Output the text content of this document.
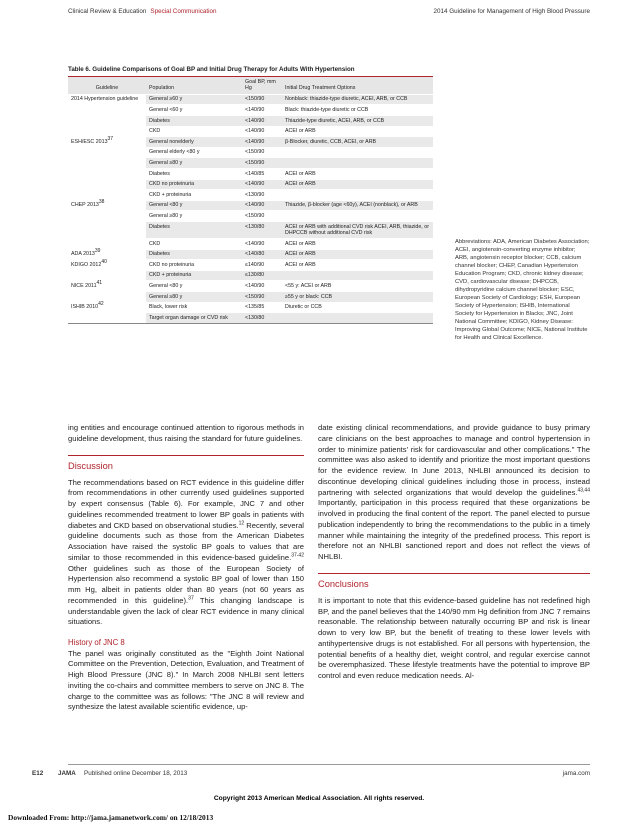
Clinical Review & Education Special Communication	2014 Guideline for Management of High Blood Pressure
Table 6. Guideline Comparisons of Goal BP and Initial Drug Therapy for Adults With Hypertension
Guideline	Population	Goal BP, mm Hg	Initial Drug Treatment Options
2014 Hypertension guideline	General ≥60 y	<150/90	Nonblack: thiazide-type diuretic, ACEI, ARB, or CCB
	General <60 y	<140/90	Black: thiazide-type diuretic or CCB
	Diabetes	<140/90	Thiazide-type diuretic, ACEI, ARB, or CCB
	CKD	<140/90	ACEI or ARB
ESH/ESC 2013$^{37}$	General nonelderly	<140/90	β-Blocker, diuretic, CCB, ACEI, or ARB
	General elderly <80 y	<150/90	
	General ≥80 y	<150/90	
	Diabetes	<140/85	ACEI or ARB
	CKD no proteinuria	<140/90	ACEI or ARB
	CKD + proteinuria	<130/90	
CHEP 2013$^{38}$	General <80 y	<140/90	Thiazide, β-blocker (age <60y), ACEI (nonblack), or ARB
	General ≥80 y	<150/90	
	Diabetes	<130/80	ACEI or ARB with additional CVD risk ACEI, ARB, thiazide, or DHPCCB without additional CVD risk
	CKD	<140/90	ACEI or ARB
ADA 2013$^{39}$	Diabetes	<140/80	ACEI or ARB
KDIGO 2012$^{40}$	CKD no proteinuria	≤140/90	ACEI or ARB
	CKD + proteinuria	≤130/80	
NICE 2011$^{41}$	General <80 y	<140/90	<55 y: ACEI or ARB
	General ≥80 y	<150/90	≥55 y or black: CCB
ISHIB 2010$^{42}$	Black, lower risk	<135/85	Diuretic or CCB
	Target organ damage or CVD risk	<130/80	
Abbreviations: ADA, American Diabetes Association; ACEI, angiotensin-converting enzyme inhibitor; ARB, angiotensin receptor blocker; CCB, calcium channel blocker; CHEP, Canadian Hypertension Education Program; CKD, chronic kidney disease; CVD, cardiovascular disease; DHPCCB, dihydropyridine calcium channel blocker; ESC, European Society of Cardiology; ESH, European Society of Hypertension; ISHIB, International Society for Hypertension in Blacks; JNC, Joint National Committee; KDIGO, Kidney Disease: Improving Global Outcome; NICE, National Institute for Health and Clinical Excellence.

ing entities and encourage continued attention to rigorous methods in guideline development, thus raising the standard for future guidelines.

Discussion

The recommendations based on RCT evidence in this guideline differ from recommendations in other currently used guidelines supported by expert consensus (Table 6). For example, JNC 7 and other guidelines recommended treatment to lower BP goals in patients with diabetes and CKD based on observational studies.$^{12}$ Recently, several guideline documents such as those from the American Diabetes Association have raised the systolic BP goals to values that are similar to those recommended in this evidence-based guideline.$^{37-42}$ Other guidelines such as those of the European Society of Hypertension also recommend a systolic BP goal of lower than 150 mm Hg, albeit in patients older than 80 years (not 60 years as recommended in this guideline).$^{37}$ This changing landscape is understandable given the lack of clear RCT evidence in many clinical situations.

History of JNC 8

The panel was originally constituted as the "Eighth Joint National Committee on the Prevention, Detection, Evaluation, and Treatment of High Blood Pressure (JNC 8)." In March 2008 NHLBI sent letters inviting the co-chairs and committee members to serve on JNC 8. The charge to the committee was as follows: "The JNC 8 will review and synthesize the latest available scientific evidence, up-

date existing clinical recommendations, and provide guidance to busy primary care clinicians on the best approaches to manage and control hypertension in order to minimize patients' risk for cardiovascular and other complications." The committee was also asked to identify and prioritize the most important questions for the evidence review. In June 2013, NHLBI announced its decision to discontinue developing clinical guidelines including those in process, instead partnering with selected organizations that would develop the guidelines.$^{43,44}$ Importantly, participation in this process required that these organizations be involved in producing the final content of the report. The panel elected to pursue publication independently to bring the recommendations to the public in a timely manner while maintaining the integrity of the predefined process. This report is therefore not an NHLBI sanctioned report and does not reflect the views of NHLBI.

Conclusions

It is important to note that this evidence-based guideline has not redefined high BP, and the panel believes that the 140/90 mm Hg definition from JNC 7 remains reasonable. The relationship between naturally occurring BP and risk is linear down to very low BP, but the benefit of treating to these lower levels with antihypertensive drugs is not established. For all persons with hypertension, the potential benefits of a healthy diet, weight control, and regular exercise cannot be overemphasized. These lifestyle treatments have the potential to improve BP control and even reduce medication needs. Al-

E12 JAMA Published online December 18, 2013	jama.com
Copyright 2013 American Medical Association. All rights reserved.
Downloaded From: http://jama.jamanetwork.com/ on 12/18/2013
